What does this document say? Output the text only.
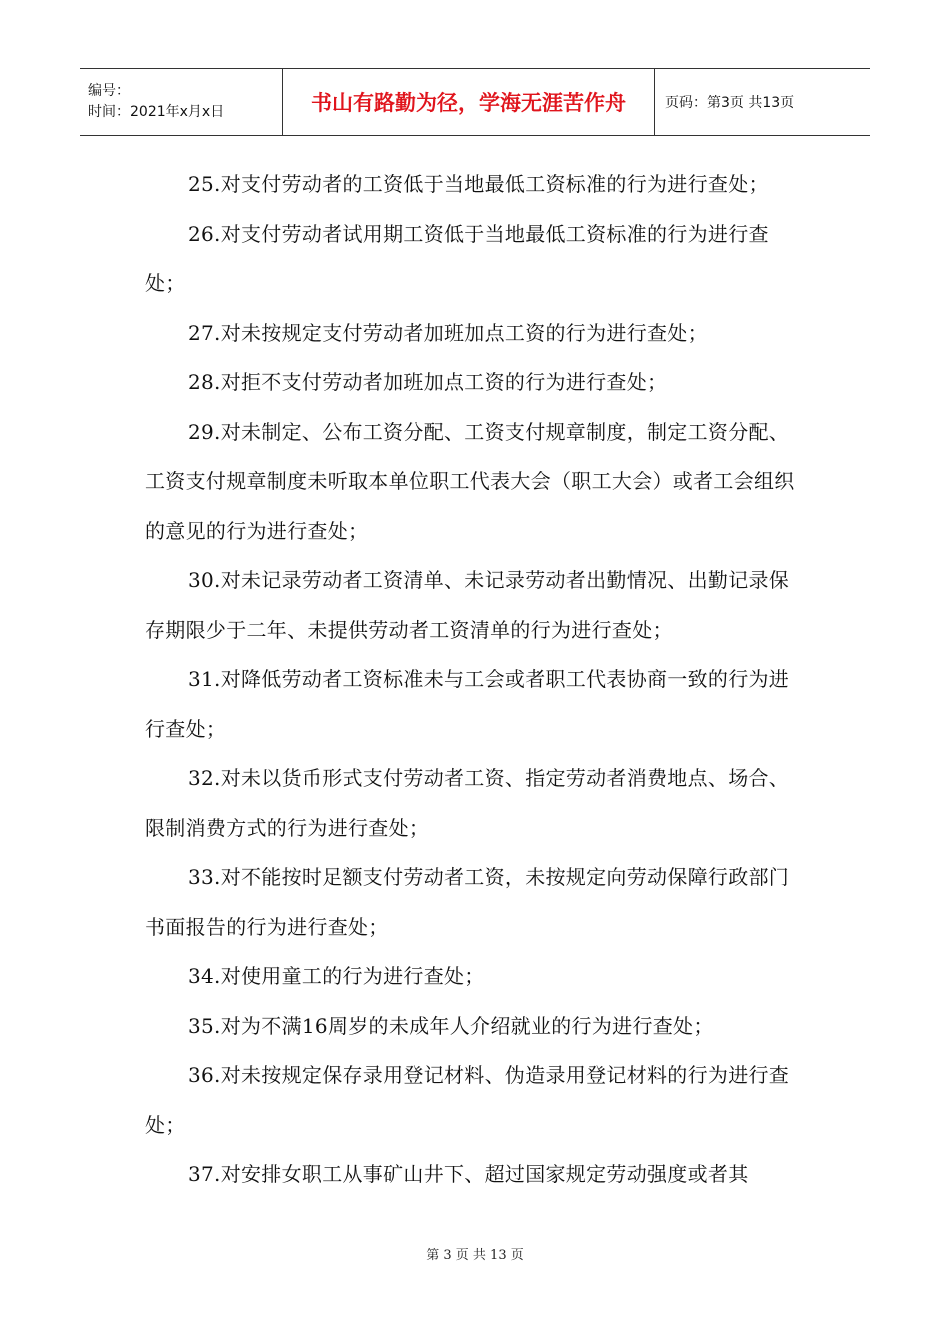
编号：
时间：2021年x月x日	书山有路勤为径，学海无涯苦作舟	页码：第3页 共13页

25.对支付劳动者的工资低于当地最低工资标准的行为进行查处；

26.对支付劳动者试用期工资低于当地最低工资标准的行为进行查处；

27.对未按规定支付劳动者加班加点工资的行为进行查处；

28.对拒不支付劳动者加班加点工资的行为进行查处；

29.对未制定、公布工资分配、工资支付规章制度，制定工资分配、工资支付规章制度未听取本单位职工代表大会（职工大会）或者工会组织的意见的行为进行查处；

30.对未记录劳动者工资清单、未记录劳动者出勤情况、出勤记录保存期限少于二年、未提供劳动者工资清单的行为进行查处；

31.对降低劳动者工资标准未与工会或者职工代表协商一致的行为进行查处；

32.对未以货币形式支付劳动者工资、指定劳动者消费地点、场合、限制消费方式的行为进行查处；

33.对不能按时足额支付劳动者工资，未按规定向劳动保障行政部门书面报告的行为进行查处；

34.对使用童工的行为进行查处；

35.对为不满16周岁的未成年人介绍就业的行为进行查处；

36.对未按规定保存录用登记材料、伪造录用登记材料的行为进行查处；

37.对安排女职工从事矿山井下、超过国家规定劳动强度或者其

第 3 页 共 13 页
